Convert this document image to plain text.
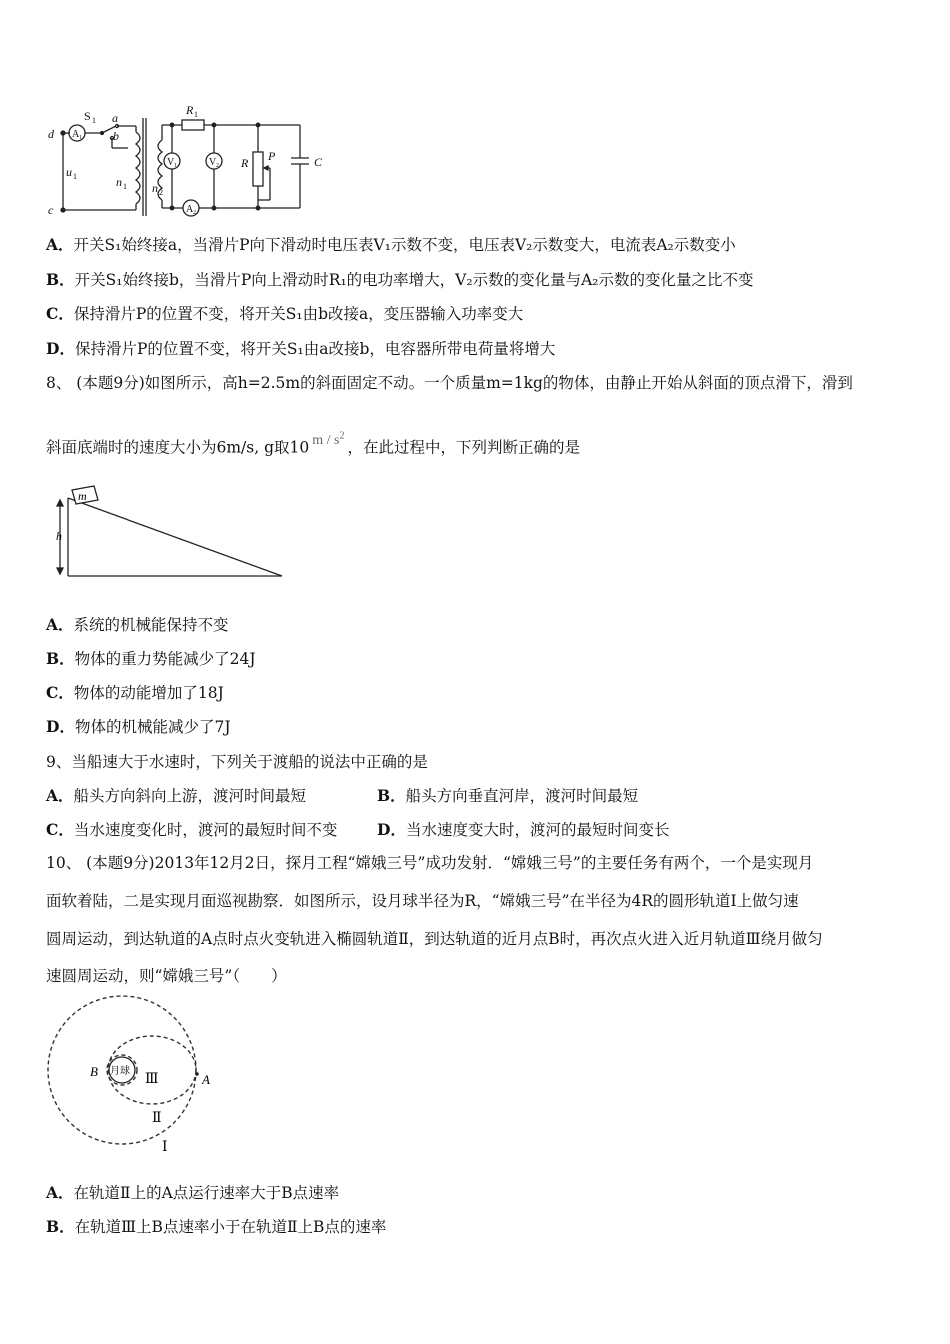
d
c
a
b
S 1
u 1	n 1 n 2
R 1
R P	C
A 1
A 2
V 1	V 2
A．开关S₁始终接a，当滑片P向下滑动时电压表V₁示数不变，电压表V₂示数变大，电流表A₂示数变小
B．开关S₁始终接b，当滑片P向上滑动时R₁的电功率增大，V₂示数的变化量与A₂示数的变化量之比不变
C．保持滑片P的位置不变，将开关S₁由b改接a，变压器输入功率变大
D．保持滑片P的位置不变，将开关S₁由a改接b，电容器所带电荷量将增大
8、 (本题9分)如图所示，高h=2.5m的斜面固定不动。一个质量m=1kg的物体，由静止开始从斜面的顶点滑下，滑到
斜面底端时的速度大小为6m/s, g取10 m / $s^2$，在此过程中，下列判断正确的是
m
h
A．系统的机械能保持不变
B．物体的重力势能减少了24J
C．物体的动能增加了18J
D．物体的机械能减少了7J
9、当船速大于水速时，下列关于渡船的说法中正确的是
A．船头方向斜向上游，渡河时间最短	B．船头方向垂直河岸，渡河时间最短
C．当水速度变化时，渡河的最短时间不变	D．当水速度变大时，渡河的最短时间变长
10、 (本题9分)2013年12月2日，探月工程“嫦娥三号”成功发射．“嫦娥三号”的主要任务有两个，一个是实现月
面软着陆，二是实现月面巡视勘察．如图所示，设月球半径为R，“嫦娥三号”在半径为4R的圆形轨道Ⅰ上做匀速
圆周运动，到达轨道的A点时点火变轨进入椭圆轨道Ⅱ，到达轨道的近月点B时，再次点火进入近月轨道Ⅲ绕月做匀
速圆周运动，则“嫦娥三号”（　　）
月球
B
Ⅲ	A
Ⅱ
Ⅰ
A．在轨道Ⅱ上的A点运行速率大于B点速率
B．在轨道Ⅲ上B点速率小于在轨道Ⅱ上B点的速率
